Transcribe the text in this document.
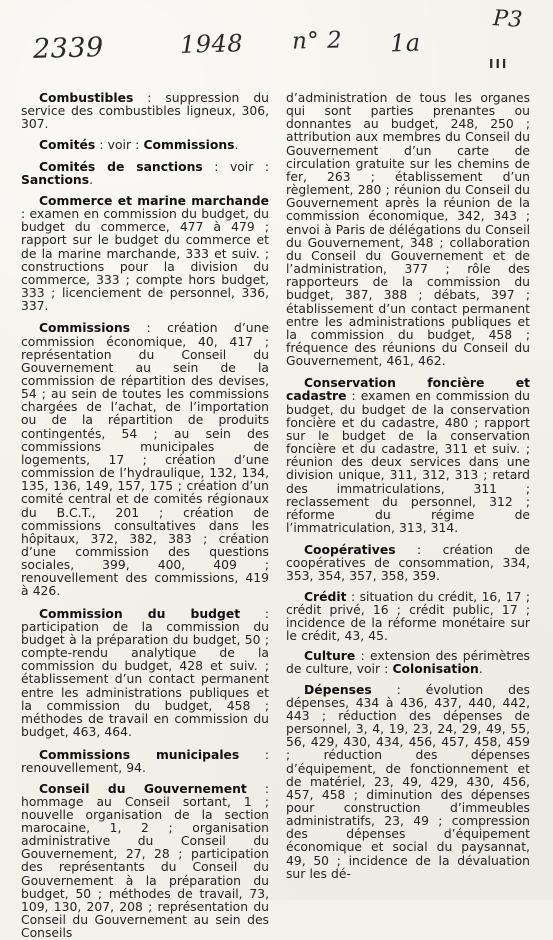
2339	1948 n° 2 1a
P3
III

Combustibles : suppression du service des combustibles ligneux, 306, 307.

Comités : voir : Commissions.

Comités de sanctions : voir : Sanctions.

Commerce et marine marchande : examen en commission du budget, du budget du commerce, 477 à 479 ; rapport sur le budget du commerce et de la marine marchande, 333 et suiv. ; constructions pour la division du commerce, 333 ; compte hors budget, 333 ; licenciement de personnel, 336, 337.

Commissions : création d’une commission économique, 40, 417 ; représentation du Conseil du Gouvernement au sein de la commission de répartition des devises, 54 ; au sein de toutes les commissions chargées de l’achat, de l’importation ou de la répartition de produits contingentés, 54 ; au sein des commissions municipales de logements, 17 ; création d’une commission de l’hydraulique, 132, 134, 135, 136, 149, 157, 175 ; création d’un comité central et de comités régionaux du B.C.T., 201 ; création de commissions consultatives dans les hôpitaux, 372, 382, 383 ; création d’une commission des questions sociales, 399, 400, 409 ; renouvellement des commissions, 419 à 426.

Commission du budget : participation de la commission du budget à la préparation du budget, 50 ; compte-rendu analytique de la commission du budget, 428 et suiv. ; établissement d’un contact permanent entre les administrations publiques et la commission du budget, 458 ; méthodes de travail en commission du budget, 463, 464.

Commissions municipales : renouvellement, 94.

Conseil du Gouvernement : hommage au Conseil sortant, 1 ; nouvelle organisation de la section marocaine, 1, 2 ; organisation administrative du Conseil du Gouvernement, 27, 28 ; participation des représentants du Conseil du Gouvernement à la préparation du budget, 50 ; méthodes de travail, 73, 109, 130, 207, 208 ; représentation du Conseil du Gouvernement au sein des Conseils

d’administration de tous les organes qui sont parties prenantes ou donnantes au budget, 248, 250 ; attribution aux membres du Conseil du Gouvernement d’un carte de circulation gratuite sur les chemins de fer, 263 ; établissement d’un règlement, 280 ; réunion du Conseil du Gouvernement après la réunion de la commission économique, 342, 343 ; envoi à Paris de délégations du Conseil du Gouvernement, 348 ; collaboration du Conseil du Gouvernement et de l’administration, 377 ; rôle des rapporteurs de la commission du budget, 387, 388 ; débats, 397 ; établissement d’un contact permanent entre les administrations publiques et la commission du budget, 458 ; fréquence des réunions du Conseil du Gouvernement, 461, 462.

Conservation foncière et cadastre : examen en commission du budget, du budget de la conservation foncière et du cadastre, 480 ; rapport sur le budget de la conservation foncière et du cadastre, 311 et suiv. ; réunion des deux services dans une division unique, 311, 312, 313 ; retard des immatriculations, 311 ; reclassement du personnel, 312 ; réforme du régime de l’immatriculation, 313, 314.

Coopératives : création de coopératives de consommation, 334, 353, 354, 357, 358, 359.

Crédit : situation du crédit, 16, 17 ; crédit privé, 16 ; crédit public, 17 ; incidence de la réforme monétaire sur le crédit, 43, 45.

Culture : extension des périmètres de culture, voir : Colonisation.

Dépenses : évolution des dépenses, 434 à 436, 437, 440, 442, 443 ; réduction des dépenses de personnel, 3, 4, 19, 23, 24, 29, 49, 55, 56, 429, 430, 434, 456, 457, 458, 459 ; réduction des dépenses d’équipement, de fonctionnement et de matériel, 23, 49, 429, 430, 456, 457, 458 ; diminution des dépenses pour construction d’immeubles administratifs, 23, 49 ; compression des dépenses d’équipement économique et social du paysannat, 49, 50 ; incidence de la dévaluation sur les dé-
